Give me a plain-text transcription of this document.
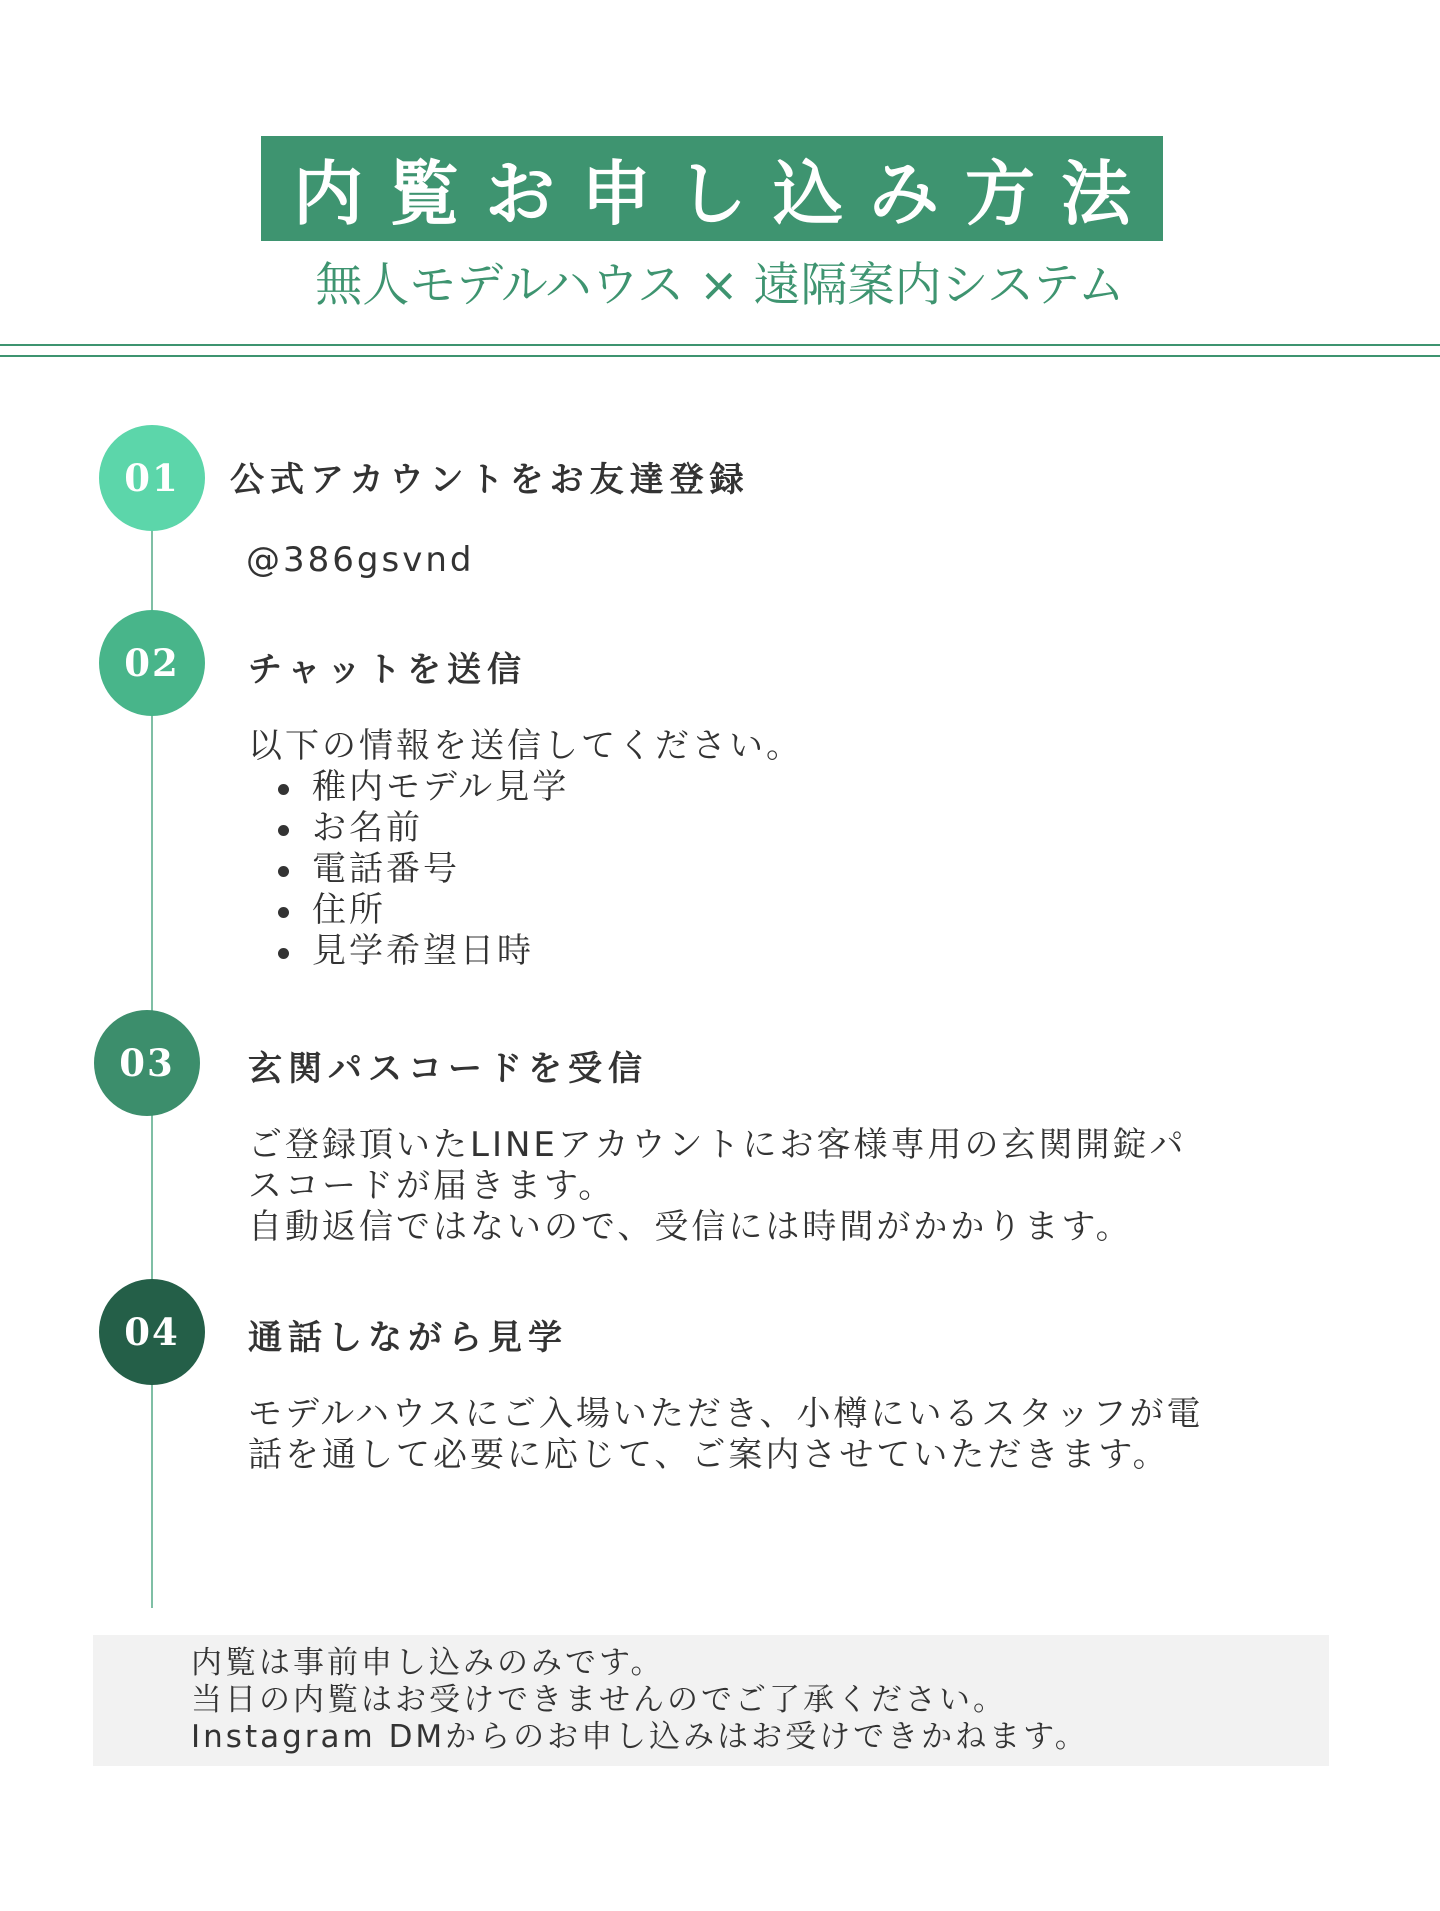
内覧お申し込み方法
無人モデルハウス × 遠隔案内システム
01	公式アカウントをお友達登録

@386gsvnd

02	チャットを送信

以下の情報を送信してください。

稚内モデル見学
お名前
電話番号
住所
見学希望日時
03	玄関パスコードを受信

ご登録頂いたLINEアカウントにお客様専用の玄関開錠パ

スコードが届きます。

自動返信ではないので、受信には時間がかかります。

04	通話しながら見学

モデルハウスにご入場いただき、小樽にいるスタッフが電

話を通して必要に応じて、ご案内させていただきます。

内覧は事前申し込みのみです。

当日の内覧はお受けできませんのでご了承ください。

Instagram DMからのお申し込みはお受けできかねます。
